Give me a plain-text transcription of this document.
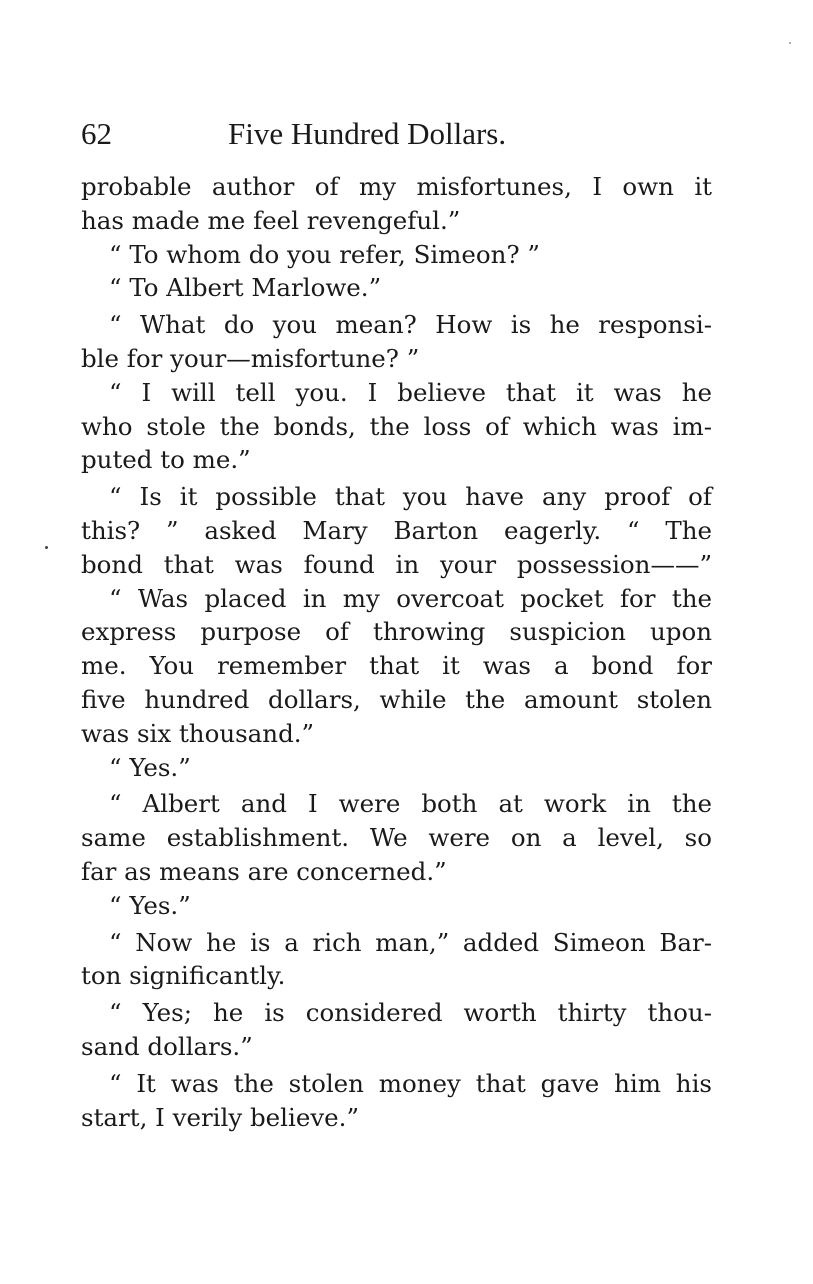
62	Five Hundred Dollars.
probable author of my misfortunes, I own it
has made me feel revengeful.”
“ To whom do you refer, Simeon? ”
“ To Albert Marlowe.”
“ What do you mean? How is he responsi-
ble for your—misfortune? ”
“ I will tell you. I believe that it was he
who stole the bonds, the loss of which was im-
puted to me.”
“ Is it possible that you have any proof of
this? ” asked Mary Barton eagerly. “ The
bond that was found in your possession——”
“ Was placed in my overcoat pocket for the
express purpose of throwing suspicion upon
me. You remember that it was a bond for
five hundred dollars, while the amount stolen
was six thousand.”
“ Yes.”
“ Albert and I were both at work in the
same establishment. We were on a level, so
far as means are concerned.”
“ Yes.”
“ Now he is a rich man,” added Simeon Bar-
ton significantly.
“ Yes; he is considered worth thirty thou-
sand dollars.”
“ It was the stolen money that gave him his
start, I verily believe.”
